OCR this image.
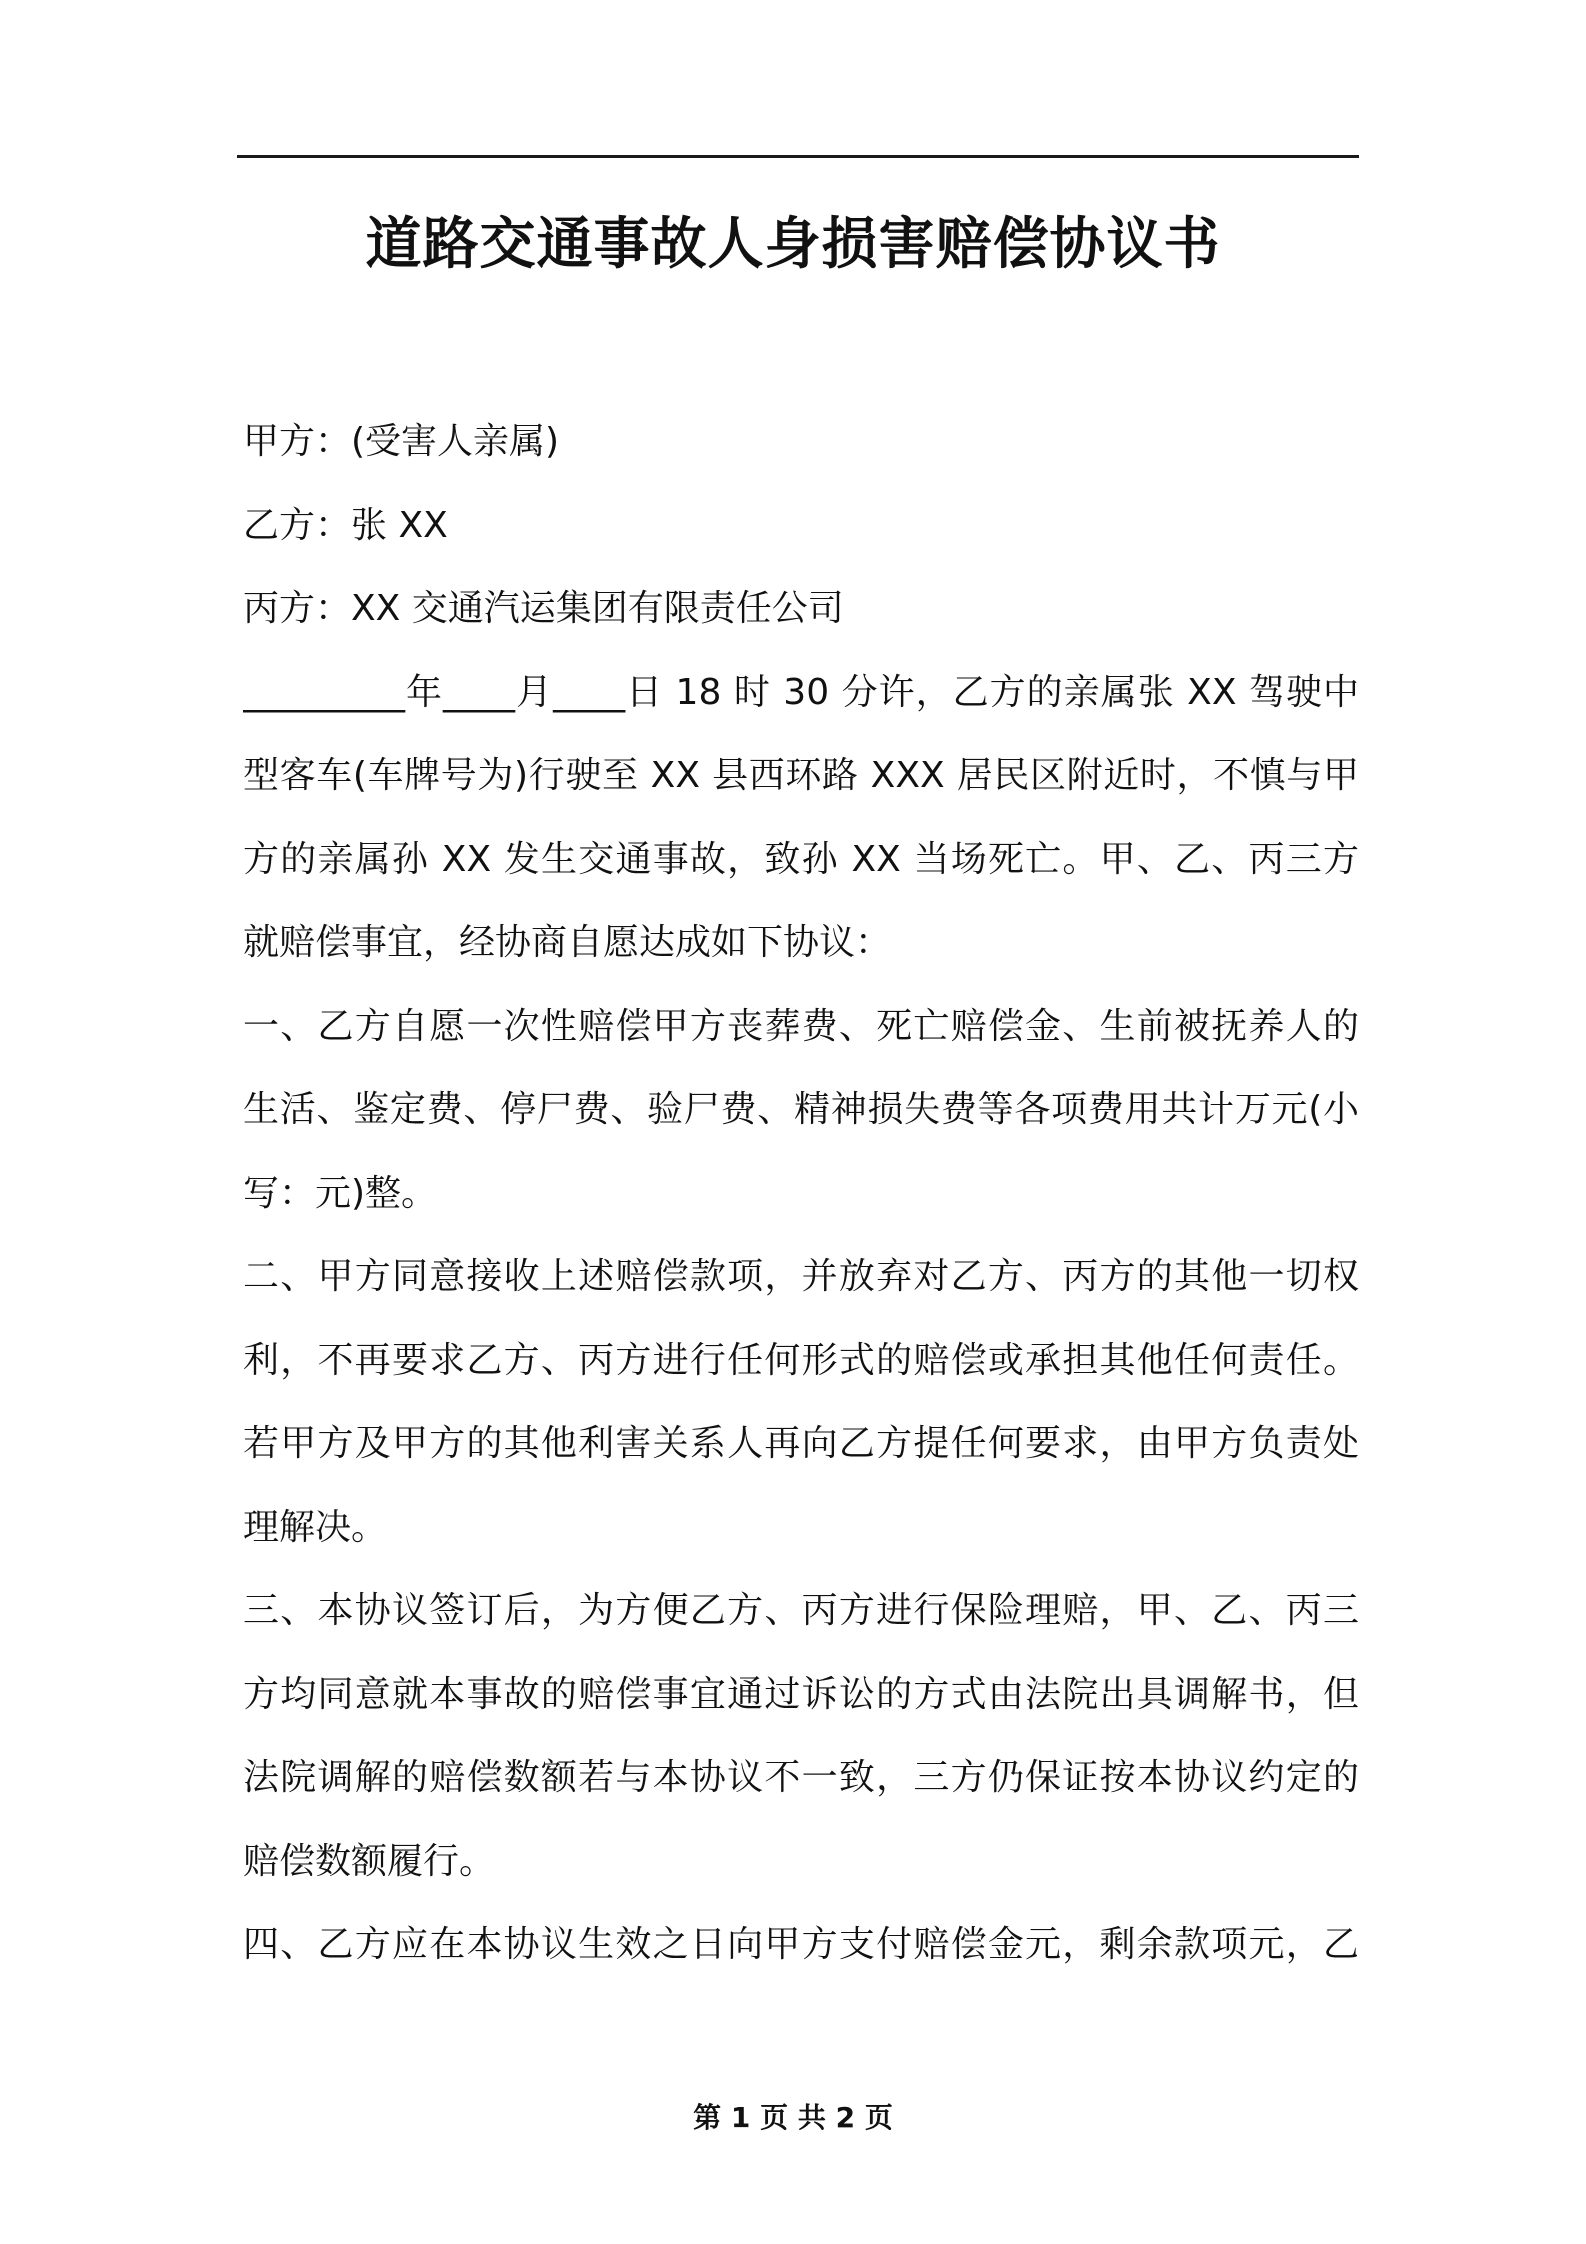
道路交通事故人身损害赔偿协议书
甲方：(受害人亲属)
乙方：张 XX
丙方：XX 交通汽运集团有限责任公司
_________年____月____日 18 时 30 分许，乙方的亲属张 XX 驾驶中
型客车(车牌号为)行驶至 XX 县西环路 XXX 居民区附近时，不慎与甲
方的亲属孙 XX 发生交通事故，致孙 XX 当场死亡。甲、乙、丙三方
就赔偿事宜，经协商自愿达成如下协议：
一、乙方自愿一次性赔偿甲方丧葬费、死亡赔偿金、生前被抚养人的
生活、鉴定费、停尸费、验尸费、精神损失费等各项费用共计万元(小
写：元)整。
二、甲方同意接收上述赔偿款项，并放弃对乙方、丙方的其他一切权
利，不再要求乙方、丙方进行任何形式的赔偿或承担其他任何责任。
若甲方及甲方的其他利害关系人再向乙方提任何要求，由甲方负责处
理解决。
三、本协议签订后，为方便乙方、丙方进行保险理赔，甲、乙、丙三
方均同意就本事故的赔偿事宜通过诉讼的方式由法院出具调解书，但
法院调解的赔偿数额若与本协议不一致，三方仍保证按本协议约定的
赔偿数额履行。
四、乙方应在本协议生效之日向甲方支付赔偿金元，剩余款项元，乙
第 1 页 共 2 页
